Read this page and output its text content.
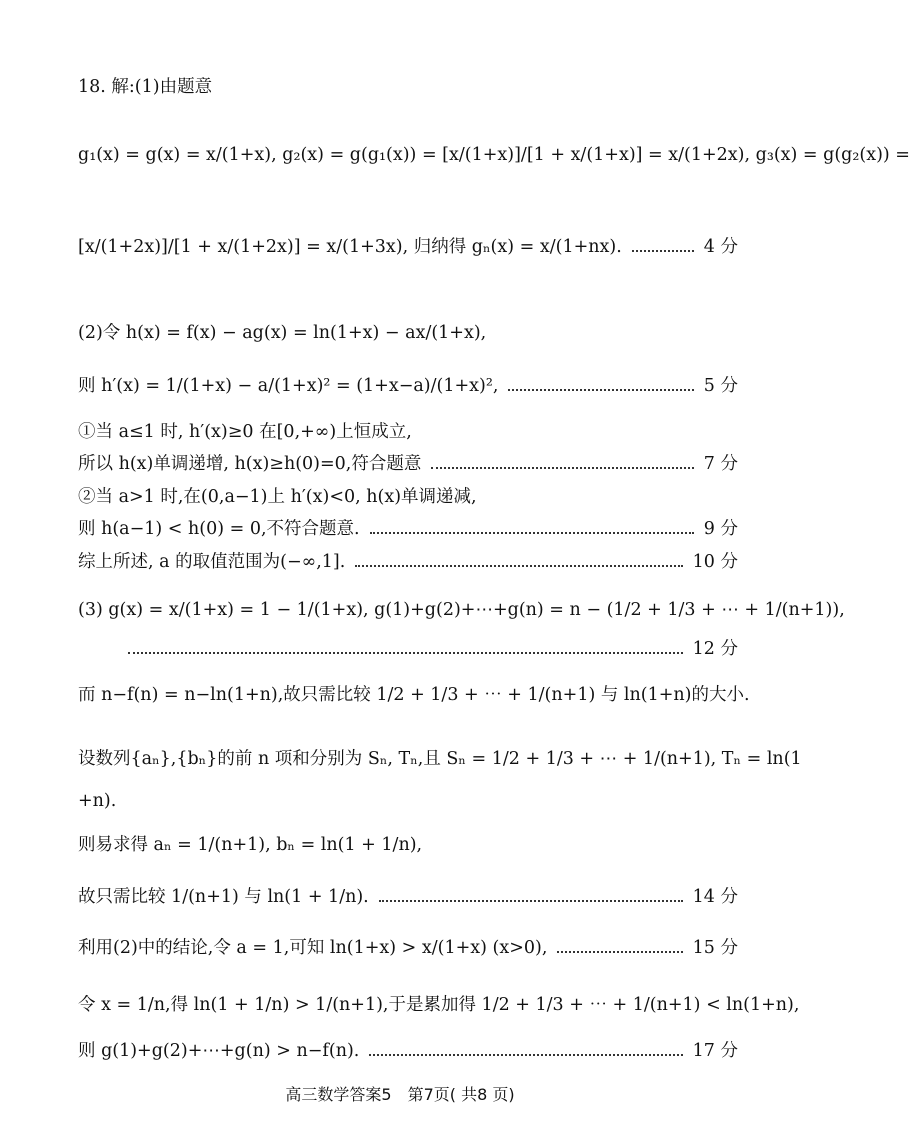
18. 解:(1)由题意
g₁(x) = g(x) = x/(1+x), g₂(x) = g(g₁(x)) = [x/(1+x)]/[1 + x/(1+x)] = x/(1+2x), g₃(x) = g(g₂(x)) =
[x/(1+2x)]/[1 + x/(1+2x)] = x/(1+3x), 归纳得 gₙ(x) = x/(1+nx).	4 分
(2)令 h(x) = f(x) − ag(x) = ln(1+x) − ax/(1+x),
则 h′(x) = 1/(1+x) − a/(1+x)² = (1+x−a)/(1+x)²,	5 分
①当 a≤1 时, h′(x)≥0 在[0,+∞)上恒成立,
所以 h(x)单调递增, h(x)≥h(0)=0,符合题意	7 分
②当 a>1 时,在(0,a−1)上 h′(x)<0, h(x)单调递减,
则 h(a−1) < h(0) = 0,不符合题意.	9 分
综上所述, a 的取值范围为(−∞,1].	10 分
(3) g(x) = x/(1+x) = 1 − 1/(1+x), g(1)+g(2)+⋯+g(n) = n − (1/2 + 1/3 + ⋯ + 1/(n+1)),
12 分
而 n−f(n) = n−ln(1+n),故只需比较 1/2 + 1/3 + ⋯ + 1/(n+1) 与 ln(1+n)的大小.
设数列{aₙ},{bₙ}的前 n 项和分别为 Sₙ, Tₙ,且 Sₙ = 1/2 + 1/3 + ⋯ + 1/(n+1), Tₙ = ln(1
+n).
则易求得 aₙ = 1/(n+1), bₙ = ln(1 + 1/n),
故只需比较 1/(n+1) 与 ln(1 + 1/n).	14 分
利用(2)中的结论,令 a = 1,可知 ln(1+x) > x/(1+x) (x>0),	15 分
令 x = 1/n,得 ln(1 + 1/n) > 1/(n+1),于是累加得 1/2 + 1/3 + ⋯ + 1/(n+1) < ln(1+n),
则 g(1)+g(2)+⋯+g(n) > n−f(n).	17 分
高三数学答案5　第7页( 共8 页)
